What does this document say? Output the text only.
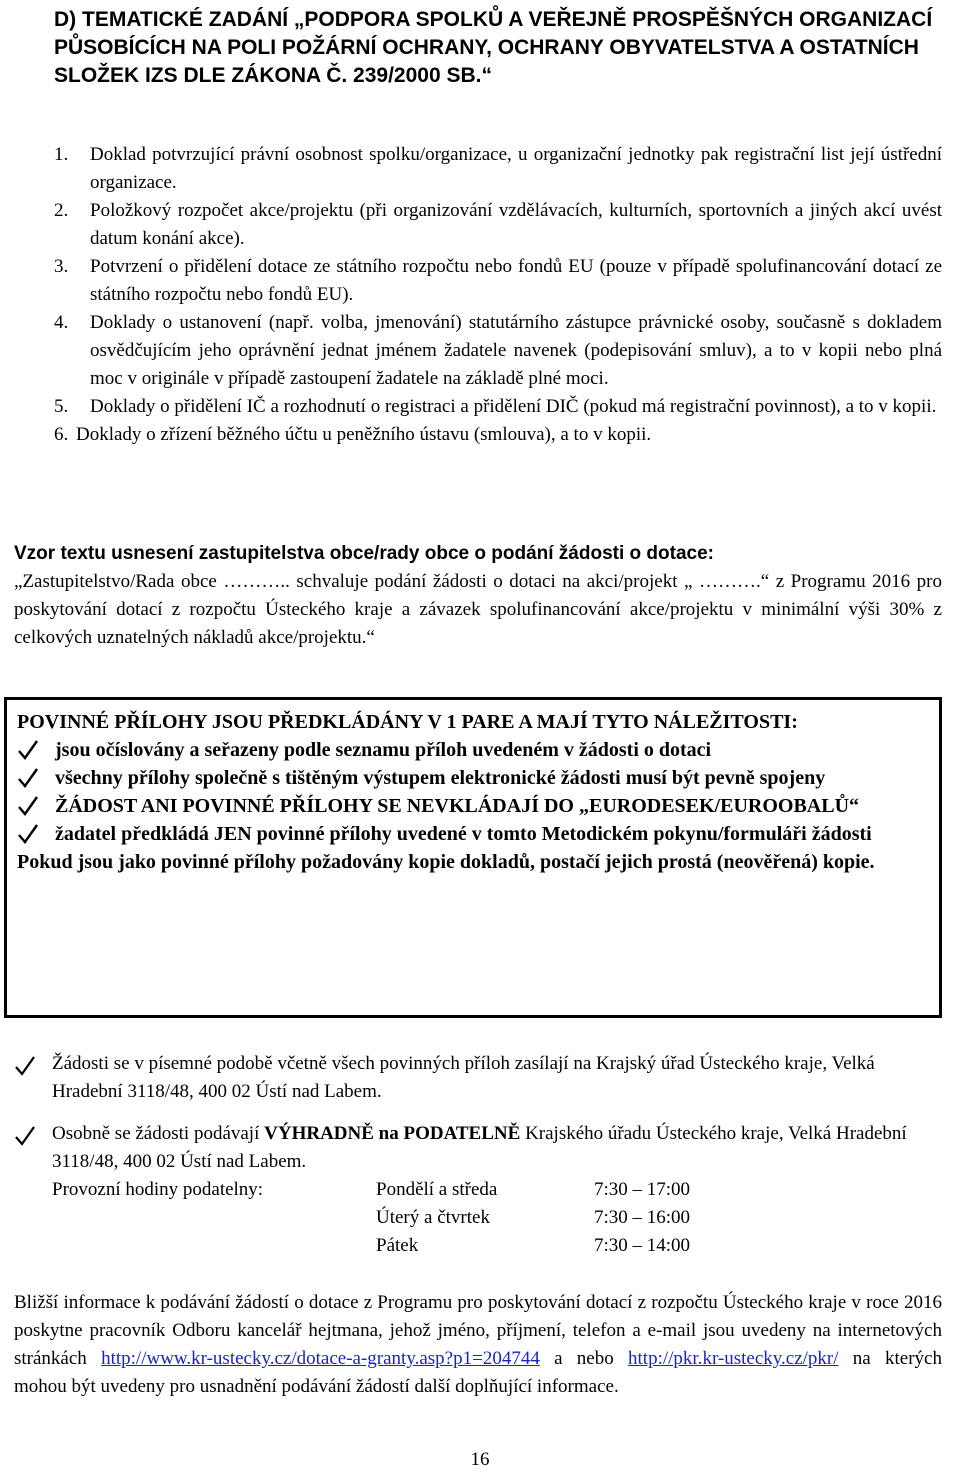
D) TEMATICKÉ ZADÁNÍ „PODPORA SPOLKŮ A VEŘEJNĚ PROSPĚŠNÝCH ORGANIZACÍ PŮSOBÍCÍCH NA POLI POŽÁRNÍ OCHRANY, OCHRANY OBYVATELSTVA A OSTATNÍCH SLOŽEK IZS DLE ZÁKONA Č. 239/2000 SB.“
1. Doklad potvrzující právní osobnost spolku/organizace, u organizační jednotky pak registrační list její ústřední organizace.
2. Položkový rozpočet akce/projektu (při organizování vzdělávacích, kulturních, sportovních a jiných akcí uvést datum konání akce).
3. Potvrzení o přidělení dotace ze státního rozpočtu nebo fondů EU (pouze v případě spolufinancování dotací ze státního rozpočtu nebo fondů EU).
4. Doklady o ustanovení (např. volba, jmenování) statutárního zástupce právnické osoby, současně s dokladem osvědčujícím jeho oprávnění jednat jménem žadatele navenek (podepisování smluv), a to v kopii nebo plná moc v originále v případě zastoupení žadatele na základě plné moci.
5. Doklady o přidělení IČ a rozhodnutí o registraci a přidělení DIČ (pokud má registrační povinnost), a to v kopii.
6. Doklady o zřízení běžného účtu u peněžního ústavu (smlouva), a to v kopii.
Vzor textu usnesení zastupitelstva obce/rady obce o podání žádosti o dotace:
„Zastupitelstvo/Rada obce ……….. schvaluje podání žádosti o dotaci na akci/projekt „ ……….“ z Programu 2016 pro poskytování dotací z rozpočtu Ústeckého kraje a závazek spolufinancování akce/projektu v minimální výši 30% z celkových uznatelných nákladů akce/projektu.“
POVINNÉ PŘÍLOHY JSOU PŘEDKLÁDÁNY V 1 PARE A MAJÍ TYTO NÁLEŽITOSTI:
jsou očíslovány a seřazeny podle seznamu příloh uvedeném v žádosti o dotaci
všechny přílohy společně s tištěným výstupem elektronické žádosti musí být pevně spojeny
ŽÁDOST ANI POVINNÉ PŘÍLOHY SE NEVKLÁDAJÍ DO „EURODESEK/EUROOBALŮ“
žadatel předkládá JEN povinné přílohy uvedené v tomto Metodickém pokynu/formuláři žádosti
Pokud jsou jako povinné přílohy požadovány kopie dokladů, postačí jejich prostá (neověřená) kopie.
Žádosti se v písemné podobě včetně všech povinných příloh zasílají na Krajský úřad Ústeckého kraje, Velká Hradební 3118/48, 400 02 Ústí nad Labem.
Osobně se žádosti podávají VÝHRADNĚ na PODATELNĚ Krajského úřadu Ústeckého kraje, Velká Hradební 3118/48, 400 02 Ústí nad Labem.
Provozní hodiny podatelny:	Pondělí a středa	7:30 – 17:00
Úterý a čtvrtek	7:30 – 16:00
Pátek	7:30 – 14:00

Bližší informace k podávání žádostí o dotace z Programu pro poskytování dotací z rozpočtu Ústeckého kraje v roce 2016 poskytne pracovník Odboru kancelář hejtmana, jehož jméno, příjmení, telefon a e-mail jsou uvedeny na internetových stránkách http://www.kr-ustecky.cz/dotace-a-granty.asp?p1=204744 a nebo http://pkr.kr-ustecky.cz/pkr/ na kterých mohou být uvedeny pro usnadnění podávání žádostí další doplňující informace.

16
